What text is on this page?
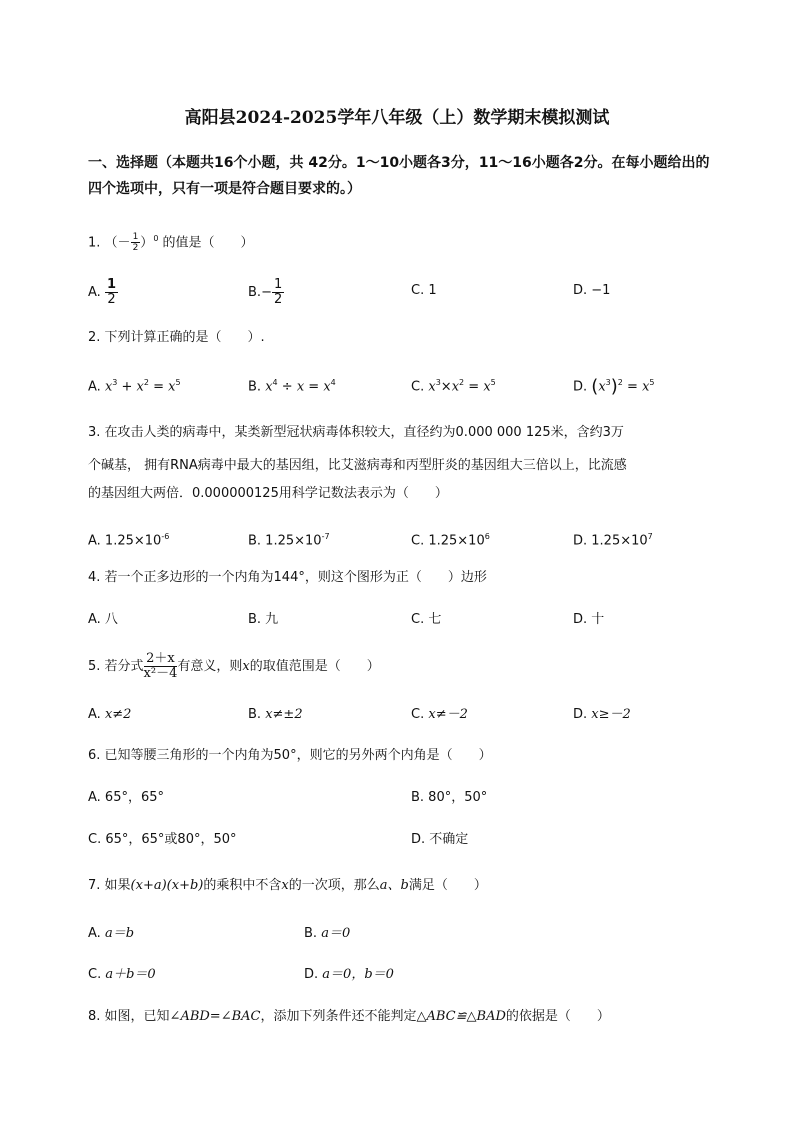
高阳县2024-2025学年八年级（上）数学期末模拟测试
一、选择题（本题共16个小题，共 42分。1～10小题各3分，11～16小题各2分。在每小题给出的四个选项中，只有一项是符合题目要求的。）
1. （－ $\frac{1}{2} )^0$ 的值是（　　）
A. $\frac{1}{2}$	$B.- \frac{1}{2}$	C. 1	D. −1
2. 下列计算正确的是（　　）.
A. $x^3 + x^2 = x^5$	B. $x^4 \div x = x^4$	C. $x^3\times x^2 = x^5$	D. $(x^3)^2 = x^5$
3. 在攻击人类的病毒中，某类新型冠状病毒体积较大，直径约为0.000 000 125米，含约3万
个碱基， 拥有RNA病毒中最大的基因组，比艾滋病毒和丙型肝炎的基因组大三倍以上，比流感
的基因组大两倍．0.000000125用科学记数法表示为（　　）
A. $1.25\times 10^{-6}$	B. $1.25\times 10^{-7}$	C. $1.25\times 10^6$	D. $1.25\times 10^7$
4. 若一个正多边形的一个内角为144°，则这个图形为正（　　）边形
A. 八	B. 九	C. 七	D. 十
5. 若分式 $\frac{2+x}{\text{x²－4}}$ 有意义，则x的取值范围是（　　）
A. x≠2	B. x≠±2	C. x≠－2	D. x≥－2
6. 已知等腰三角形的一个内角为50°，则它的另外两个内角是（　　）
A. 65°，65°	B. 80°，50°
C. 65°，65°或80°，50°	D. 不确定
7. 如果(x+a)(x+b)的乘积中不含x的一次项，那么a、b满足（　　）
A. a＝b	B. a＝0
C. a＋b＝0	D. a＝0，b＝0
8. 如图，已知∠ABD=∠BAC，添加下列条件还不能判定△ABC≌△BAD的依据是（　　）
